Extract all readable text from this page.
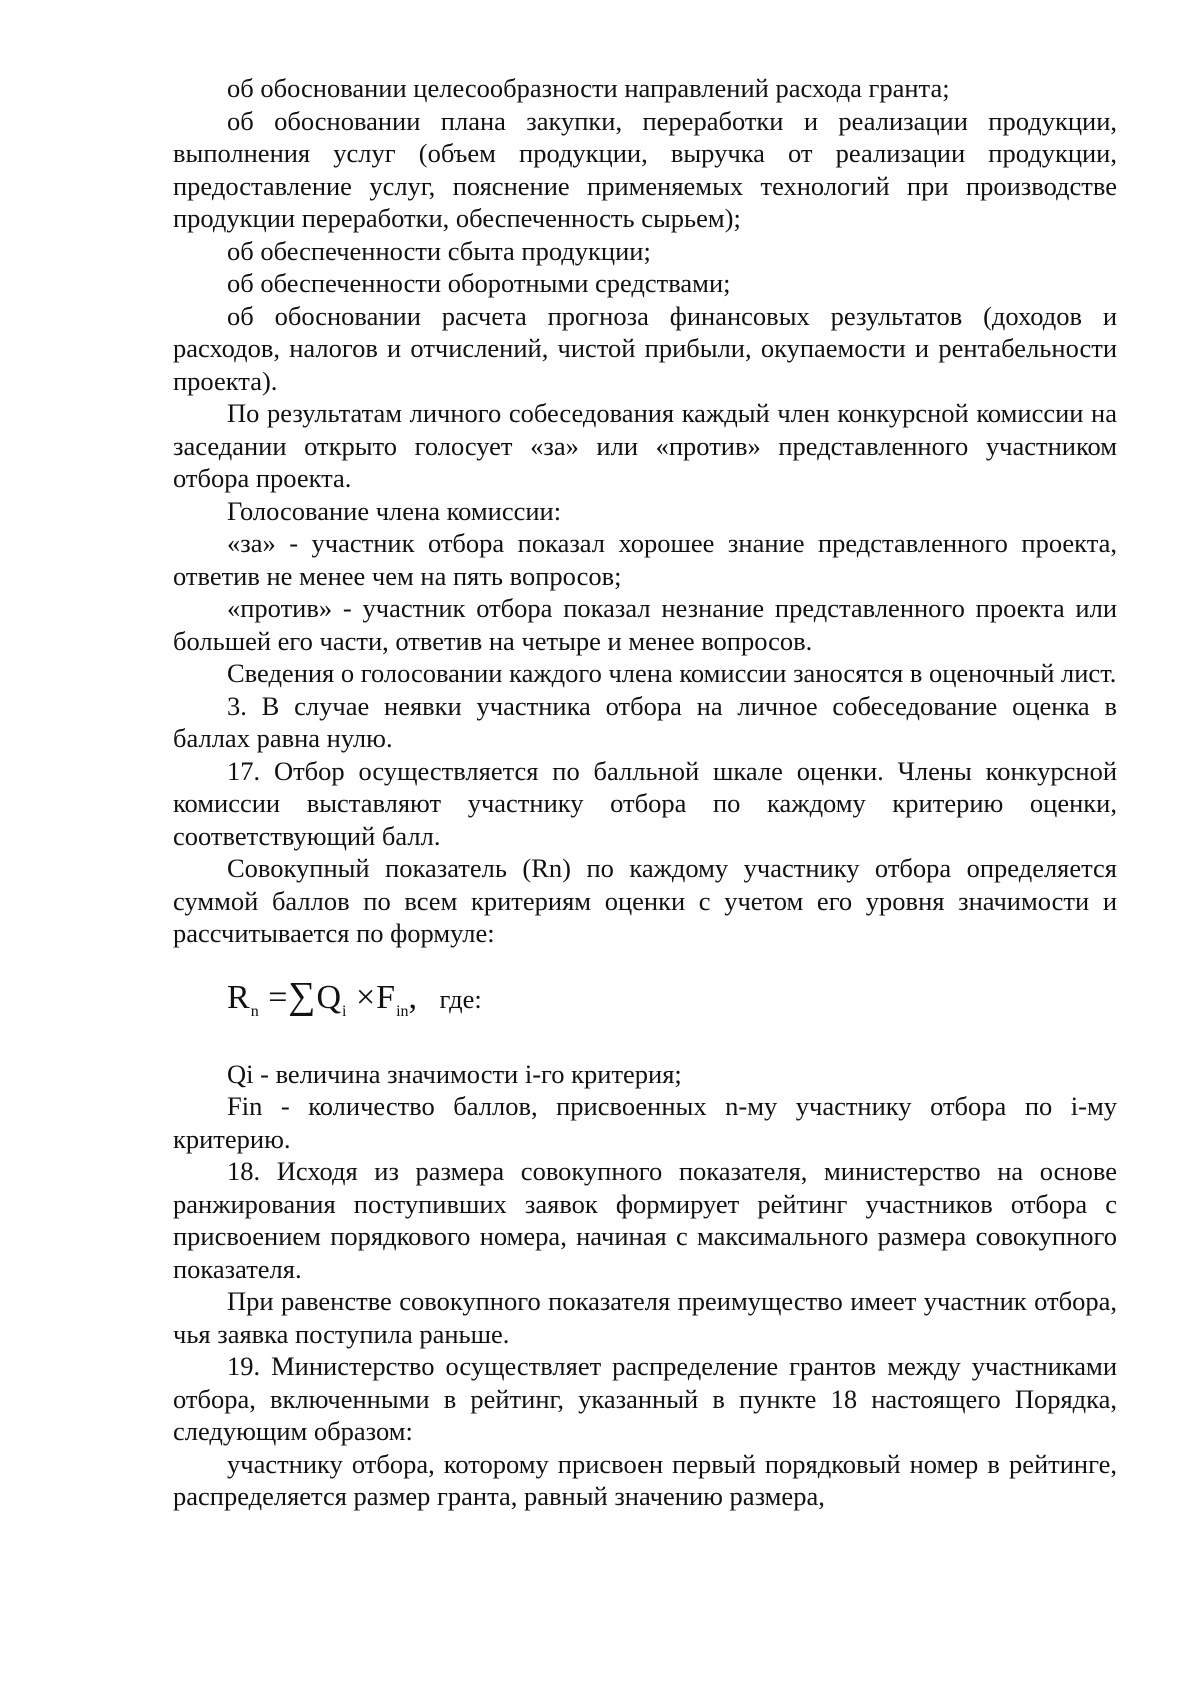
об обосновании целесообразности направлений расхода гранта;

об обосновании плана закупки, переработки и реализации продукции, выполнения услуг (объем продукции, выручка от реализации продукции, предоставление услуг, пояснение применяемых технологий при производстве продукции переработки, обеспеченность сырьем);

об обеспеченности сбыта продукции;

об обеспеченности оборотными средствами;

об обосновании расчета прогноза финансовых результатов (доходов и расходов, налогов и отчислений, чистой прибыли, окупаемости и рентабельности проекта).

По результатам личного собеседования каждый член конкурсной комиссии на заседании открыто голосует «за» или «против» представленного участником отбора проекта.

Голосование члена комиссии:

«за» - участник отбора показал хорошее знание представленного проекта, ответив не менее чем на пять вопросов;

«против» - участник отбора показал незнание представленного проекта или большей его части, ответив на четыре и менее вопросов.

Сведения о голосовании каждого члена комиссии заносятся в оценочный лист.

3. В случае неявки участника отбора на личное собеседование оценка в баллах равна нулю.

17. Отбор осуществляется по балльной шкале оценки. Члены конкурсной комиссии выставляют участнику отбора по каждому критерию оценки, соответствующий балл.

Совокупный показатель (Rn) по каждому участнику отбора определяется суммой баллов по всем критериям оценки с учетом его уровня значимости и рассчитывается по формуле:

$R_n =\sum Q_i \times F_{in}$, где:

Qi - величина значимости i-го критерия;

Fin - количество баллов, присвоенных n-му участнику отбора по i-му критерию.

18. Исходя из размера совокупного показателя, министерство на основе ранжирования поступивших заявок формирует рейтинг участников отбора с присвоением порядкового номера, начиная с максимального размера совокупного показателя.

При равенстве совокупного показателя преимущество имеет участник отбора, чья заявка поступила раньше.

19. Министерство осуществляет распределение грантов между участниками отбора, включенными в рейтинг, указанный в пункте 18 настоящего Порядка, следующим образом:

участнику отбора, которому присвоен первый порядковый номер в рейтинге, распределяется размер гранта, равный значению размера,
